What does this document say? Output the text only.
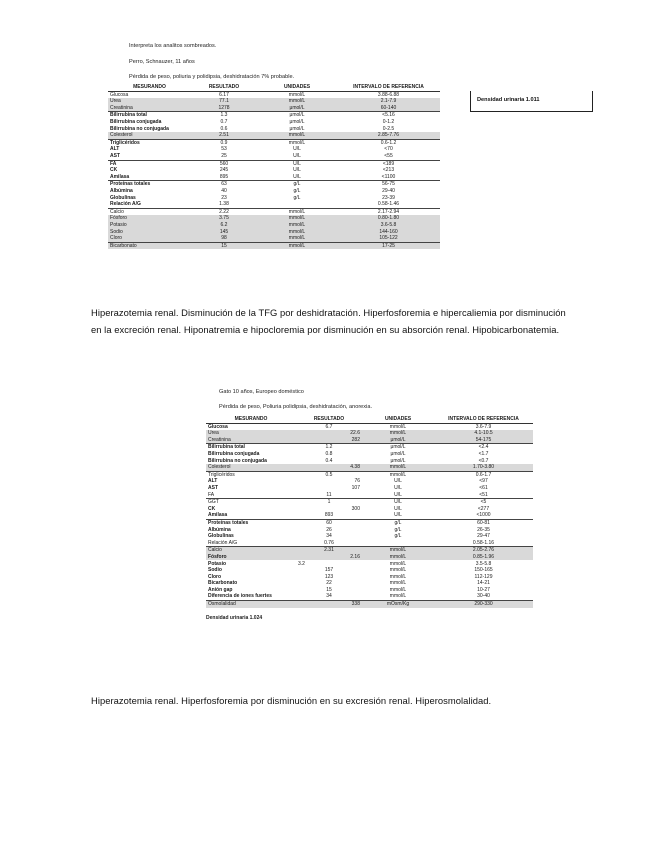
Interpreta los analitos sombreados.
Perro, Schnauzer, 11 años
Pérdida de peso, poliuria y polidipsia, deshidratación 7% probable.
MESURANDO	RESULTADO	UNIDADES	INTERVALO DE REFERENCIA
Glucosa	6.17	mmol/L	3.88-6.88
Urea	77.1	mmol/L	2.1-7.9
Creatinina	1278	μmol/L	60-140
Bilirrubina total	1.3	μmol/L	<5.16
Bilirrubina conjugada	0.7	μmol/L	0-1.2
Bilirrubina no conjugada	0.6	μmol/L	0-2.5
Colesterol	2.51	mmol/L	2.85-7.76
Triglicéridos	0.9	mmol/L	0.6-1.2
ALT	53	U/L	<70
AST	25	U/L	<55
FA	560	U/L	<189
CK	245	U/L	<213
Amilasa	895	U/L	<1100
Proteínas totales	63	g/L	56-75
Albúmina	40	g/L	29-40
Globulinas	23	g/L	23-39
Relación A/G	1.38		0.58-1.46
Calcio	2.22	mmol/L	2.17-2.94
Fósforo	3.75	mmol/L	0.80-1.80
Potasio	6.2	mmol/L	3.6-5.8
Sodio	145	mmol/L	144-160
Cloro	98	mmol/L	105-122
Bicarbonato	15	mmol/L	17-25
Densidad urinaria 1.011
Hiperazotemia renal. Disminución de la TFG por deshidratación. Hiperfosforemia e hipercaliemia por disminución en la excreción renal. Hiponatremia e hipocloremia por disminución en su absorción renal. Hipobicarbonatemia.
Gato 10 años, Europeo doméstico
Pérdida de peso, Poliuria polidipsia, deshidratación, anorexia.
MESURANDO	RESULTADO	UNIDADES	INTERVALO DE REFERENCIA
Glucosa	6.7	mmol/L	3.6-7.9
Urea	22.6	mmol/L	4.1-10.5
Creatinina	282	μmol/L	54-175
Bilirrubina total	1.2	μmol/L	<2.4
Bilirrubina conjugada	0.8	μmol/L	<1.7
Bilirrubina no conjugada	0.4	μmol/L	<0.7
Colesterol	4.38	mmol/L	1.70-3.80
Triglicéridos	0.5	mmol/L	0.6-1.7
ALT	76	U/L	<97
AST	107	U/L	<61
FA	11	U/L	<51
GGT	1	U/L	<5
CK	300	U/L	<277
Amilasa	893	U/L	<1000
Proteínas totales	60	g/L	60-81
Albúmina	26	g/L	26-35
Globulinas	34	g/L	29-47
Relación A/G	0.76		0.58-1.16
Calcio	2.31	mmol/L	2.05-2.76
Fósforo	2.16	mmol/L	0.85-1.96
Potasio	3.2	mmol/L	3.5-5.8
Sodio	157	mmol/L	150-165
Cloro	123	mmol/L	112-129
Bicarbonato	22	mmol/L	14-21
Anión gap	15	mmol/L	10-27
Diferencia de iones fuertes	34	mmol/L	30-40
Osmolalidad	338	mOsm/Kg	290-330
Densidad urinaria 1.024
Hiperazotemia renal. Hiperfosforemia por disminución en su excresión renal. Hiperosmolalidad.
